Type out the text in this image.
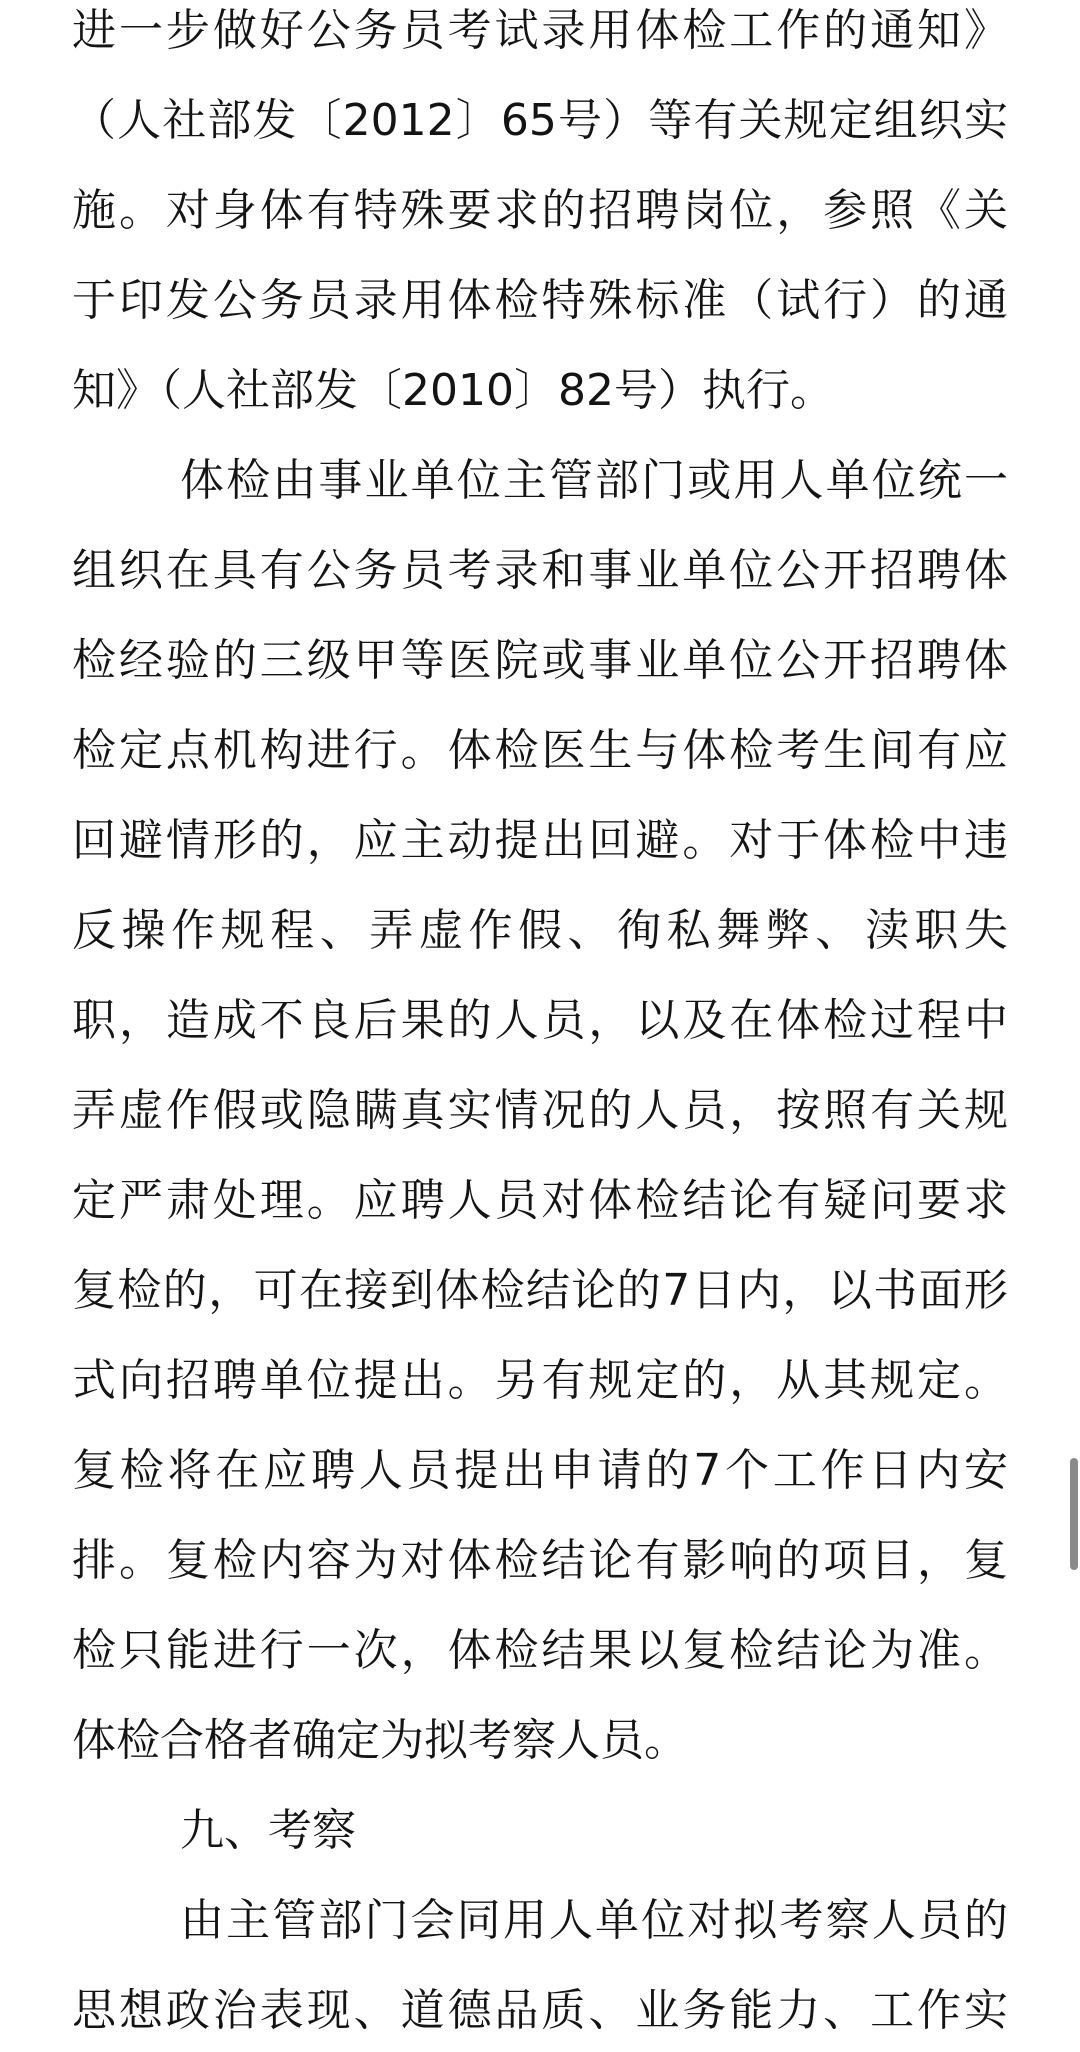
进一步做好公务员考试录用体检工作的通知》
（人社部发〔2012〕65号）等有关规定组织实
施。对身体有特殊要求的招聘岗位，参照《关
于印发公务员录用体检特殊标准（试行）的通
知》（人社部发〔2010〕82号）执行。
体检由事业单位主管部门或用人单位统一
组织在具有公务员考录和事业单位公开招聘体
检经验的三级甲等医院或事业单位公开招聘体
检定点机构进行。体检医生与体检考生间有应
回避情形的，应主动提出回避。对于体检中违
反操作规程、弄虚作假、徇私舞弊、渎职失
职，造成不良后果的人员，以及在体检过程中
弄虚作假或隐瞒真实情况的人员，按照有关规
定严肃处理。应聘人员对体检结论有疑问要求
复检的，可在接到体检结论的7日内，以书面形
式向招聘单位提出。另有规定的，从其规定。
复检将在应聘人员提出申请的7个工作日内安
排。复检内容为对体检结论有影响的项目，复
检只能进行一次，体检结果以复检结论为准。
体检合格者确定为拟考察人员。
九、考察
由主管部门会同用人单位对拟考察人员的
思想政治表现、道德品质、业务能力、工作实
